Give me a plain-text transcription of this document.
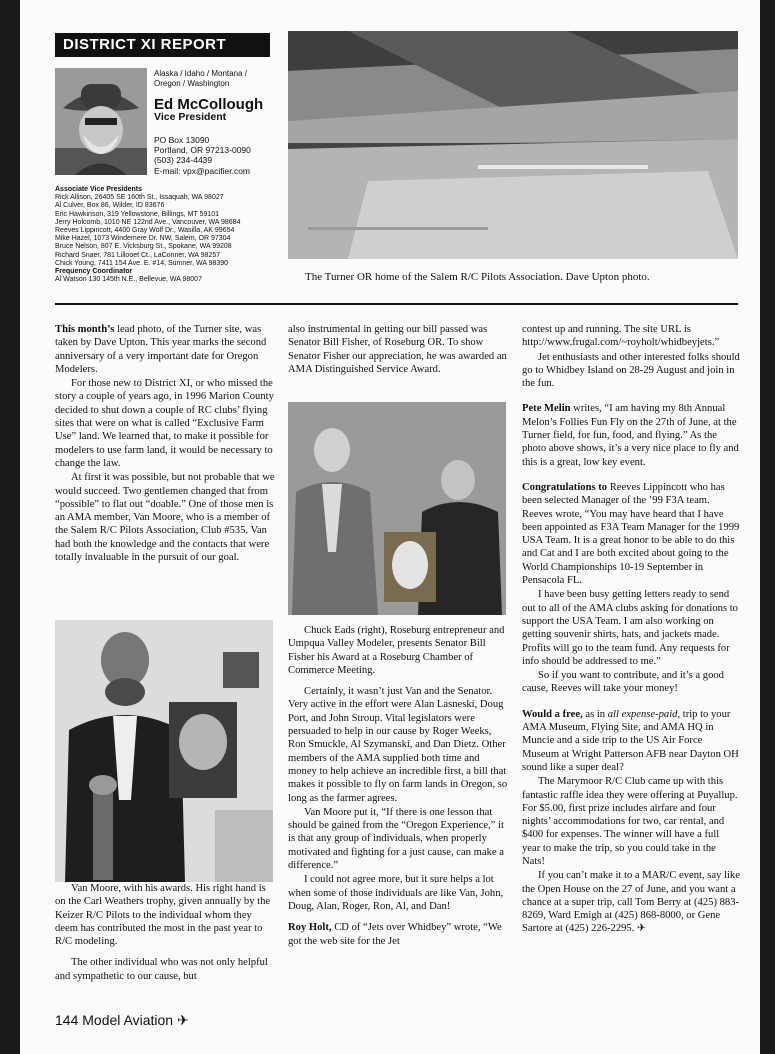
DISTRICT XI REPORT
Alaska / Idaho / Montana / Oregon / Washington
Ed McCollough
Vice President
PO Box 13090
Portland, OR 97213-0090
(503) 234-4439
E-mail: vpx@pacifier.com
Associate Vice Presidents
Rick Allison, 26405 SE 160th St., Issaquah, WA 98027
Al Culver, Box 86, Wilder, ID 83676
Eric Hawkinson, 319 Yellowstone, Billings, MT 59101
Jerry Holcomb, 1010 NE 122nd Ave., Vancouver, WA 98684
Reeves Lippincott, 4400 Gray Wolf Dr., Wasilla, AK 99654
Mike Hazel, 1073 Windemere Dr. NW, Salem, OR 97304
Bruce Nelson, 807 E. Vicksburg St., Spokane, WA 99208
Richard Snaer, 781 Lillooet Ct., LaConner, WA 98257
Chick Young, 7411 154 Ave. E. #14, Sumner, WA 98390
Frequency Coordinator
Al Watson 130 145th N.E., Bellevue, WA 98007	The Turner OR home of the Salem R/C Pilots Association. Dave Upton photo.

This month’s lead photo, of the Turner site, was taken by Dave Upton. This year marks the second anniversary of a very important date for Oregon Modelers.

For those new to District XI, or who missed the story a couple of years ago, in 1996 Marion County decided to shut down a couple of RC clubs’ flying sites that were on what is called “Exclusive Farm Use” land. We learned that, to make it possible for modelers to use farm land, it would be necessary to change the law.

At first it was possible, but not probable that we would succeed. Two gentlemen changed that from “possible” to flat out “doable.” One of those men is an AMA member, Van Moore, who is a member of the Salem R/C Pilots Association, Club #535. Van had both the knowledge and the contacts that were totally invaluable in the pursuit of our goal.

Van Moore, with his awards. His right hand is on the Carl Weathers trophy, given annually by the Keizer R/C Pilots to the individual whom they deem has contributed the most in the past year to R/C modeling.

The other individual who was not only helpful and sympathetic to our cause, but

also instrumental in getting our bill passed was Senator Bill Fisher, of Roseburg OR. To show Senator Fisher our appreciation, he was awarded an AMA Distinguished Service Award.

Chuck Eads (right), Roseburg entrepreneur and Umpqua Valley Modeler, presents Senator Bill Fisher his Award at a Roseburg Chamber of Commerce Meeting.

Certainly, it wasn’t just Van and the Senator. Very active in the effort were Alan Lasneski, Doug Port, and John Stroup. Vital legislators were persuaded to help in our cause by Roger Weeks, Ron Smuckle, Al Szymanski, and Dan Dietz. Other members of the AMA supplied both time and money to help achieve an incredible first, a bill that makes it possible to fly on farm lands in Oregon, so long as the farmer agrees.

Van Moore put it, “If there is one lesson that should be gained from the “Oregon Experience,” it is that any group of individuals, when properly motivated and fighting for a just cause, can make a difference.”

I could not agree more, but it sure helps a lot when some of those individuals are like Van, John, Doug, Alan, Roger, Ron, Al, and Dan!

Roy Holt, CD of “Jets over Whidbey” wrote, “We got the web site for the Jet

contest up and running. The site URL is http://www.frugal.com/~royholt/whidbeyjets.”

Jet enthusiasts and other interested folks should go to Whidbey Island on 28-29 August and join in the fun.

Pete Melin writes, “I am having my 8th Annual Melon’s Follies Fun Fly on the 27th of June, at the Turner field, for fun, food, and flying.” As the photo above shows, it’s a very nice place to fly and this is a great, low key event.

Congratulations to Reeves Lippincott who has been selected Manager of the ’99 F3A team. Reeves wrote, “You may have heard that I have been appointed as F3A Team Manager for the 1999 USA Team. It is a great honor to be able to do this and Cat and I are both excited about going to the World Championships 10-19 September in Pensacola FL.

I have been busy getting letters ready to send out to all of the AMA clubs asking for donations to support the USA Team. I am also working on getting souvenir shirts, hats, and jackets made. Profits will go to the team fund. Any requests for info should be addressed to me.”

So if you want to contribute, and it’s a good cause, Reeves will take your money!

Would a free, as in all expense-paid, trip to your AMA Museum, Flying Site, and AMA HQ in Muncie and a side trip to the US Air Force Museum at Wright Patterson AFB near Dayton OH sound like a super deal?

The Marymoor R/C Club came up with this fantastic raffle idea they were offering at Puyallup. For $5.00, first prize includes airfare and four nights’ accommodations for two, car rental, and $400 for expenses. The winner will have a full year to make the trip, so you could take in the Nats!

If you can’t make it to a MAR/C event, say like the Open House on the 27 of June, and you want a chance at a super trip, call Tom Berry at (425) 883-8269, Ward Emigh at (425) 868-8000, or Gene Sartore at (425) 226-2295. ✈

144 Model Aviation ✈
